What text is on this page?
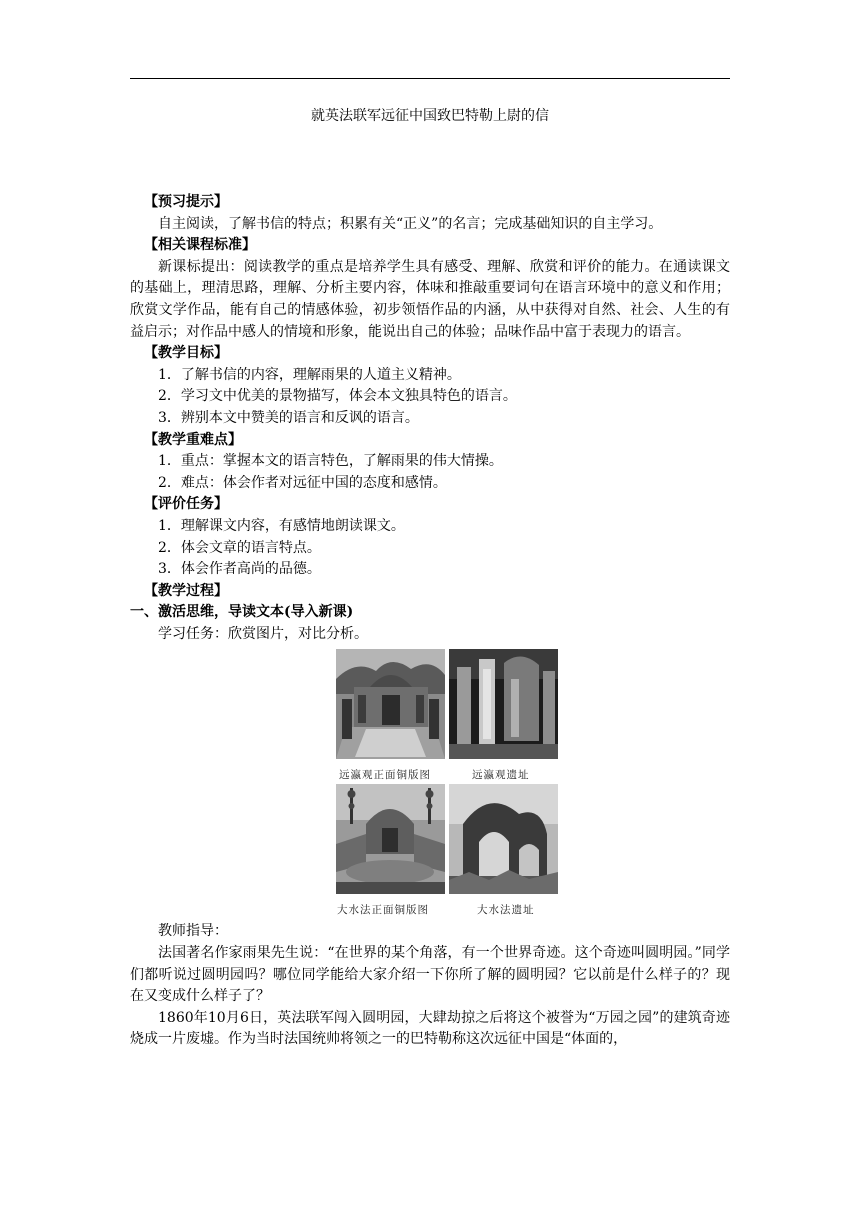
就英法联军远征中国致巴特勒上尉的信

【预习提示】

自主阅读，了解书信的特点；积累有关“正义”的名言；完成基础知识的自主学习。

【相关课程标准】

新课标提出：阅读教学的重点是培养学生具有感受、理解、欣赏和评价的能力。在通读课文的基础上，理清思路，理解、分析主要内容，体味和推敲重要词句在语言环境中的意义和作用；欣赏文学作品，能有自己的情感体验，初步领悟作品的内涵，从中获得对自然、社会、人生的有益启示；对作品中感人的情境和形象，能说出自己的体验；品味作品中富于表现力的语言。

【教学目标】

1．了解书信的内容，理解雨果的人道主义精神。

2．学习文中优美的景物描写，体会本文独具特色的语言。

3．辨别本文中赞美的语言和反讽的语言。

【教学重难点】

1．重点：掌握本文的语言特色，了解雨果的伟大情操。

2．难点：体会作者对远征中国的态度和感情。

【评价任务】

1．理解课文内容，有感情地朗读课文。

2．体会文章的语言特点。

3．体会作者高尚的品德。

【教学过程】

一、激活思维，导读文本(导入新课)

学习任务：欣赏图片，对比分析。

远瀛观正面铜版图	远瀛观遗址
大水法正面铜版图	大水法遗址

教师指导：

法国著名作家雨果先生说：“在世界的某个角落，有一个世界奇迹。这个奇迹叫圆明园。”同学们都听说过圆明园吗？哪位同学能给大家介绍一下你所了解的圆明园？它以前是什么样子的？现在又变成什么样子了？

1860年10月6日，英法联军闯入圆明园，大肆劫掠之后将这个被誉为“万园之园”的建筑奇迹烧成一片废墟。作为当时法国统帅将领之一的巴特勒称这次远征中国是“体面的，
